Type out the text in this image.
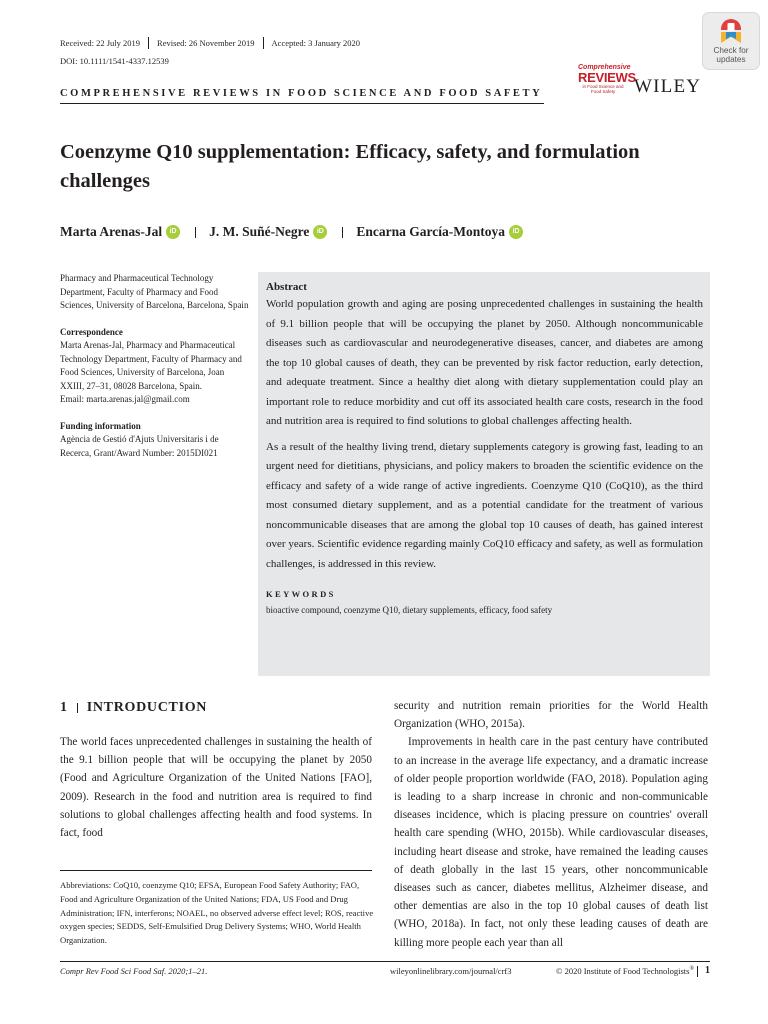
Received: 22 July 2019 Revised: 26 November 2019 Accepted: 3 January 2020
DOI: 10.1111/1541-4337.12539
COMPREHENSIVE REVIEWS IN FOOD SCIENCE AND FOOD SAFETY
Check for
updates
Comprehensive
REVIEWS
in Food Science and Food Safety WILEY
Coenzyme Q10 supplementation: Efficacy, safety, and formulation challenges
Marta Arenas-Jal	iD J. M. Suñé-Negre	iD Encarna García-Montoya	iD
Pharmacy and Pharmaceutical Technology Department, Faculty of Pharmacy and Food Sciences, University of Barcelona, Barcelona, Spain
Correspondence
Marta Arenas-Jal, Pharmacy and Pharmaceutical Technology Department, Faculty of Pharmacy and Food Sciences, University of Barcelona, Joan XXIII, 27–31, 08028 Barcelona, Spain.
Email: marta.arenas.jal@gmail.com
Funding information
Agència de Gestió d'Ajuts Universitaris i de Recerca, Grant/Award Number: 2015DI021
Abstract

World population growth and aging are posing unprecedented challenges in sustaining the health of 9.1 billion people that will be occupying the planet by 2050. Although noncommunicable diseases such as cardiovascular and neurodegenerative diseases, cancer, and diabetes are among the top 10 global causes of death, they can be prevented by risk factor reduction, early detection, and adequate treatment. Since a healthy diet along with dietary supplementation could play an important role to reduce morbidity and cut off its associated health care costs, research in the food and nutrition area is required to find solutions to global challenges affecting health.

As a result of the healthy living trend, dietary supplements category is growing fast, leading to an urgent need for dietitians, physicians, and policy makers to broaden the scientific evidence on the efficacy and safety of a wide range of active ingredients. Coenzyme Q10 (CoQ10), as the third most consumed dietary supplement, and as a potential candidate for the treatment of various noncommunicable diseases that are among the global top 10 causes of death, has gained interest over years. Scientific evidence regarding mainly CoQ10 efficacy and safety, as well as formulation challenges, is addressed in this review.

KEYWORDS
bioactive compound, coenzyme Q10, dietary supplements, efficacy, food safety
1 INTRODUCTION

The world faces unprecedented challenges in sustaining the health of the 9.1 billion people that will be occupying the planet by 2050 (Food and Agriculture Organization of the United Nations [FAO], 2009). Research in the food and nutrition area is required to find solutions to global challenges affecting health and food systems. In fact, food

security and nutrition remain priorities for the World Health Organization (WHO, 2015a).

Improvements in health care in the past century have contributed to an increase in the average life expectancy, and a dramatic increase of older people proportion worldwide (FAO, 2018). Population aging is leading to a sharp increase in chronic and non-communicable diseases incidence, which is placing pressure on countries' overall health care spending (WHO, 2015b). While cardiovascular diseases, including heart disease and stroke, have remained the leading causes of death globally in the last 15 years, other noncommunicable diseases such as cancer, diabetes mellitus, Alzheimer disease, and other dementias are also in the top 10 global causes of death list (WHO, 2018a). In fact, not only these leading causes of death are killing more people each year than all

Abbreviations: CoQ10, coenzyme Q10; EFSA, European Food Safety Authority; FAO, Food and Agriculture Organization of the United Nations; FDA, US Food and Drug Administration; IFN, interferons; NOAEL, no observed adverse effect level; ROS, reactive oxygen species; SEDDS, Self-Emulsified Drug Delivery Systems; WHO, World Health Organization.
Compr Rev Food Sci Food Saf. 2020;1–21.	wileyonlinelibrary.com/journal/crf3	© 2020 Institute of Food Technologists® 1
